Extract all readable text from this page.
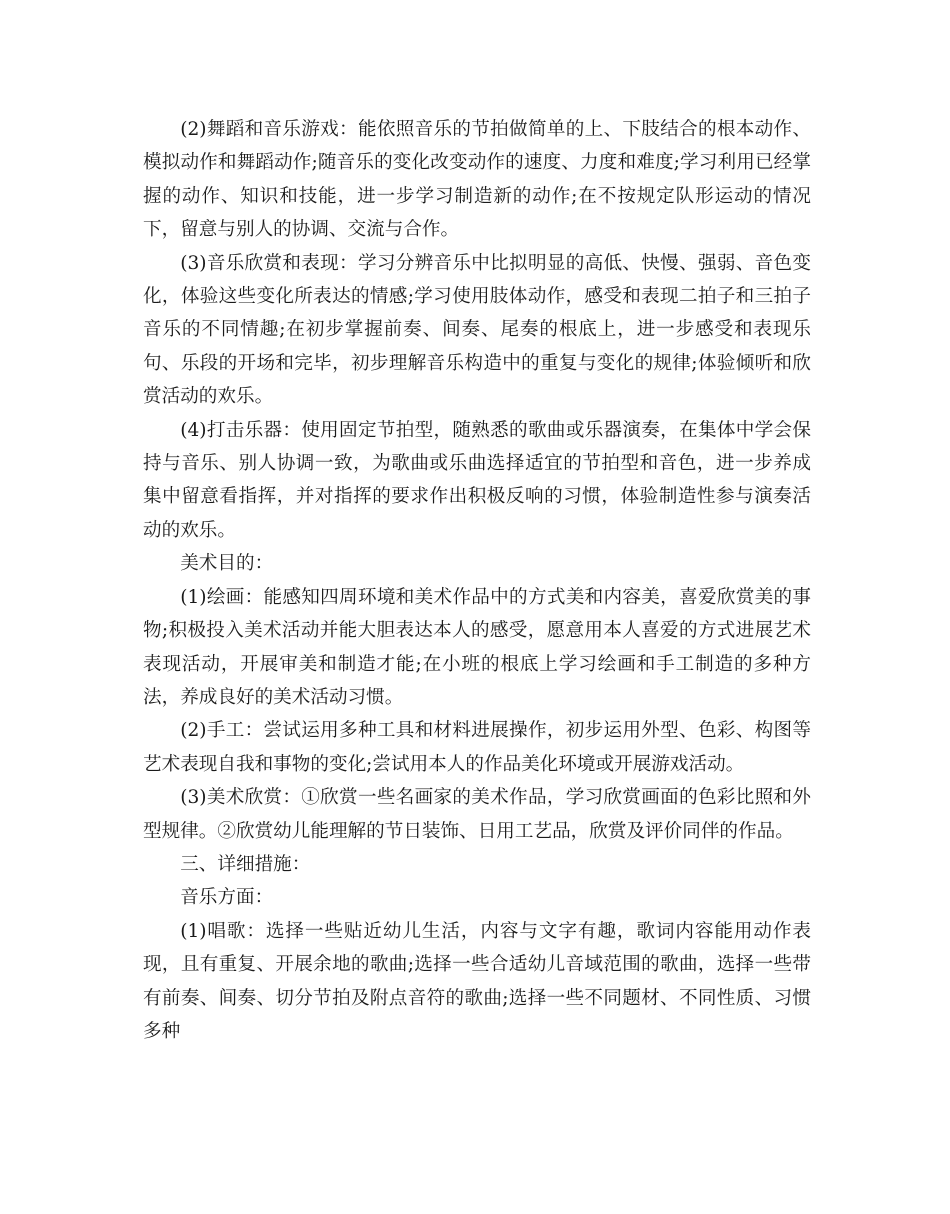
(2)舞蹈和音乐游戏：能依照音乐的节拍做简单的上、下肢结合的根本动作、模拟动作和舞蹈动作;随音乐的变化改变动作的速度、力度和难度;学习利用已经掌握的动作、知识和技能，进一步学习制造新的动作;在不按规定队形运动的情况下，留意与别人的协调、交流与合作。

(3)音乐欣赏和表现：学习分辨音乐中比拟明显的高低、快慢、强弱、音色变化，体验这些变化所表达的情感;学习使用肢体动作，感受和表现二拍子和三拍子音乐的不同情趣;在初步掌握前奏、间奏、尾奏的根底上，进一步感受和表现乐句、乐段的开场和完毕，初步理解音乐构造中的重复与变化的规律;体验倾听和欣赏活动的欢乐。

(4)打击乐器：使用固定节拍型，随熟悉的歌曲或乐器演奏，在集体中学会保持与音乐、别人协调一致，为歌曲或乐曲选择适宜的节拍型和音色，进一步养成集中留意看指挥，并对指挥的要求作出积极反响的习惯，体验制造性参与演奏活动的欢乐。

美术目的：

(1)绘画：能感知四周环境和美术作品中的方式美和内容美，喜爱欣赏美的事物;积极投入美术活动并能大胆表达本人的感受，愿意用本人喜爱的方式进展艺术表现活动，开展审美和制造才能;在小班的根底上学习绘画和手工制造的多种方法，养成良好的美术活动习惯。

(2)手工：尝试运用多种工具和材料进展操作，初步运用外型、色彩、构图等艺术表现自我和事物的变化;尝试用本人的作品美化环境或开展游戏活动。

(3)美术欣赏：①欣赏一些名画家的美术作品，学习欣赏画面的色彩比照和外型规律。②欣赏幼儿能理解的节日装饰、日用工艺品，欣赏及评价同伴的作品。

三、详细措施：

音乐方面：

(1)唱歌：选择一些贴近幼儿生活，内容与文字有趣，歌词内容能用动作表现，且有重复、开展余地的歌曲;选择一些合适幼儿音域范围的歌曲，选择一些带有前奏、间奏、切分节拍及附点音符的歌曲;选择一些不同题材、不同性质、习惯多种
